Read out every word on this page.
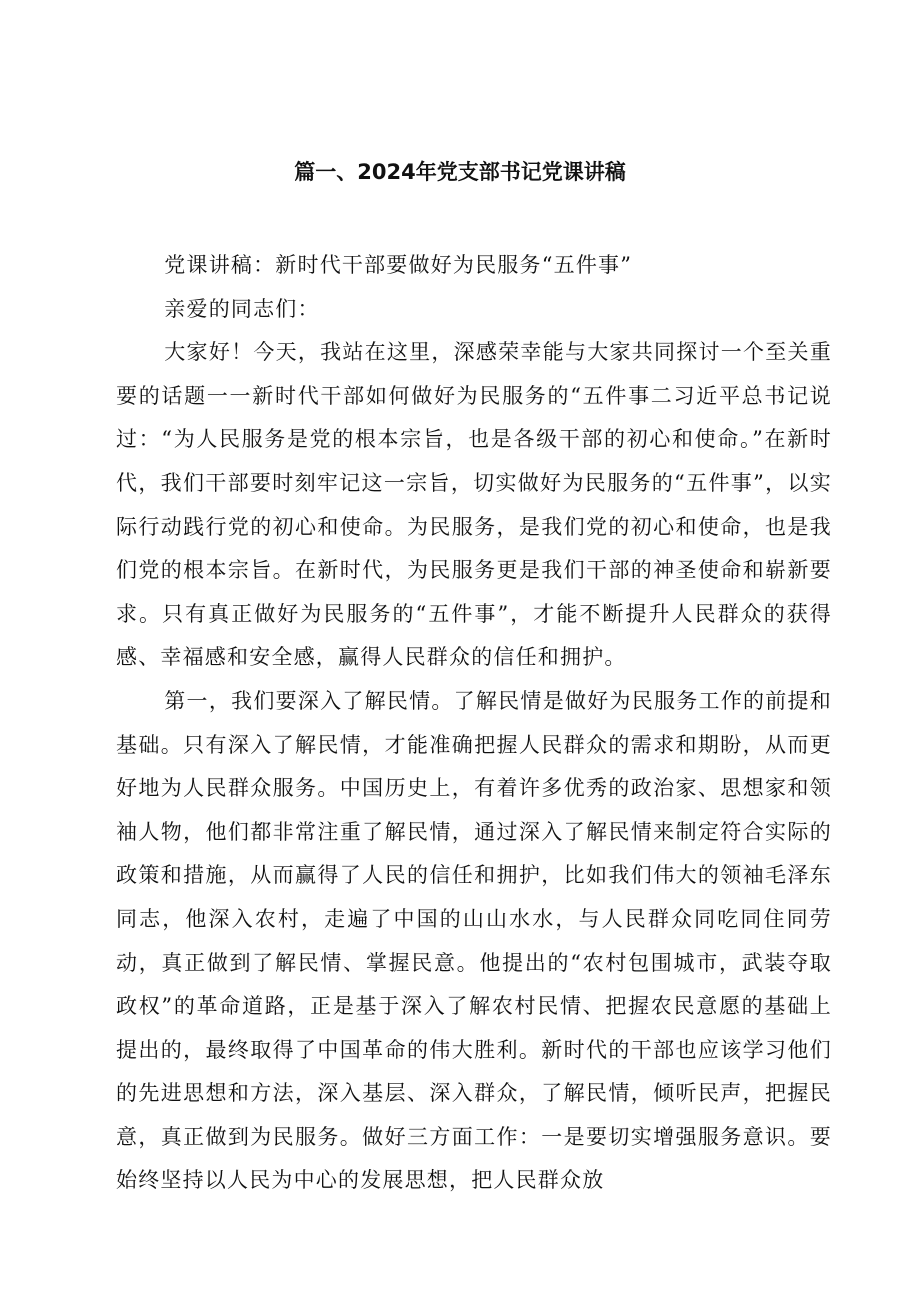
篇一、2024年党支部书记党课讲稿

党课讲稿：新时代干部要做好为民服务“五件事”

亲爱的同志们：

大家好！今天，我站在这里，深感荣幸能与大家共同探讨一个至关重要的话题一一新时代干部如何做好为民服务的“五件事二习近平总书记说过：“为人民服务是党的根本宗旨，也是各级干部的初心和使命。”在新时代，我们干部要时刻牢记这一宗旨，切实做好为民服务的“五件事”，以实际行动践行党的初心和使命。为民服务，是我们党的初心和使命，也是我们党的根本宗旨。在新时代，为民服务更是我们干部的神圣使命和崭新要求。只有真正做好为民服务的“五件事”，才能不断提升人民群众的获得感、幸福感和安全感，赢得人民群众的信任和拥护。

第一，我们要深入了解民情。了解民情是做好为民服务工作的前提和基础。只有深入了解民情，才能准确把握人民群众的需求和期盼，从而更好地为人民群众服务。中国历史上，有着许多优秀的政治家、思想家和领袖人物，他们都非常注重了解民情，通过深入了解民情来制定符合实际的政策和措施，从而赢得了人民的信任和拥护，比如我们伟大的领袖毛泽东同志，他深入农村，走遍了中国的山山水水，与人民群众同吃同住同劳动，真正做到了解民情、掌握民意。他提出的“农村包围城市，武装夺取政权”的革命道路，正是基于深入了解农村民情、把握农民意愿的基础上提出的，最终取得了中国革命的伟大胜利。新时代的干部也应该学习他们的先进思想和方法，深入基层、深入群众，了解民情，倾听民声，把握民意，真正做到为民服务。做好三方面工作：一是要切实增强服务意识。要始终坚持以人民为中心的发展思想，把人民群众放
